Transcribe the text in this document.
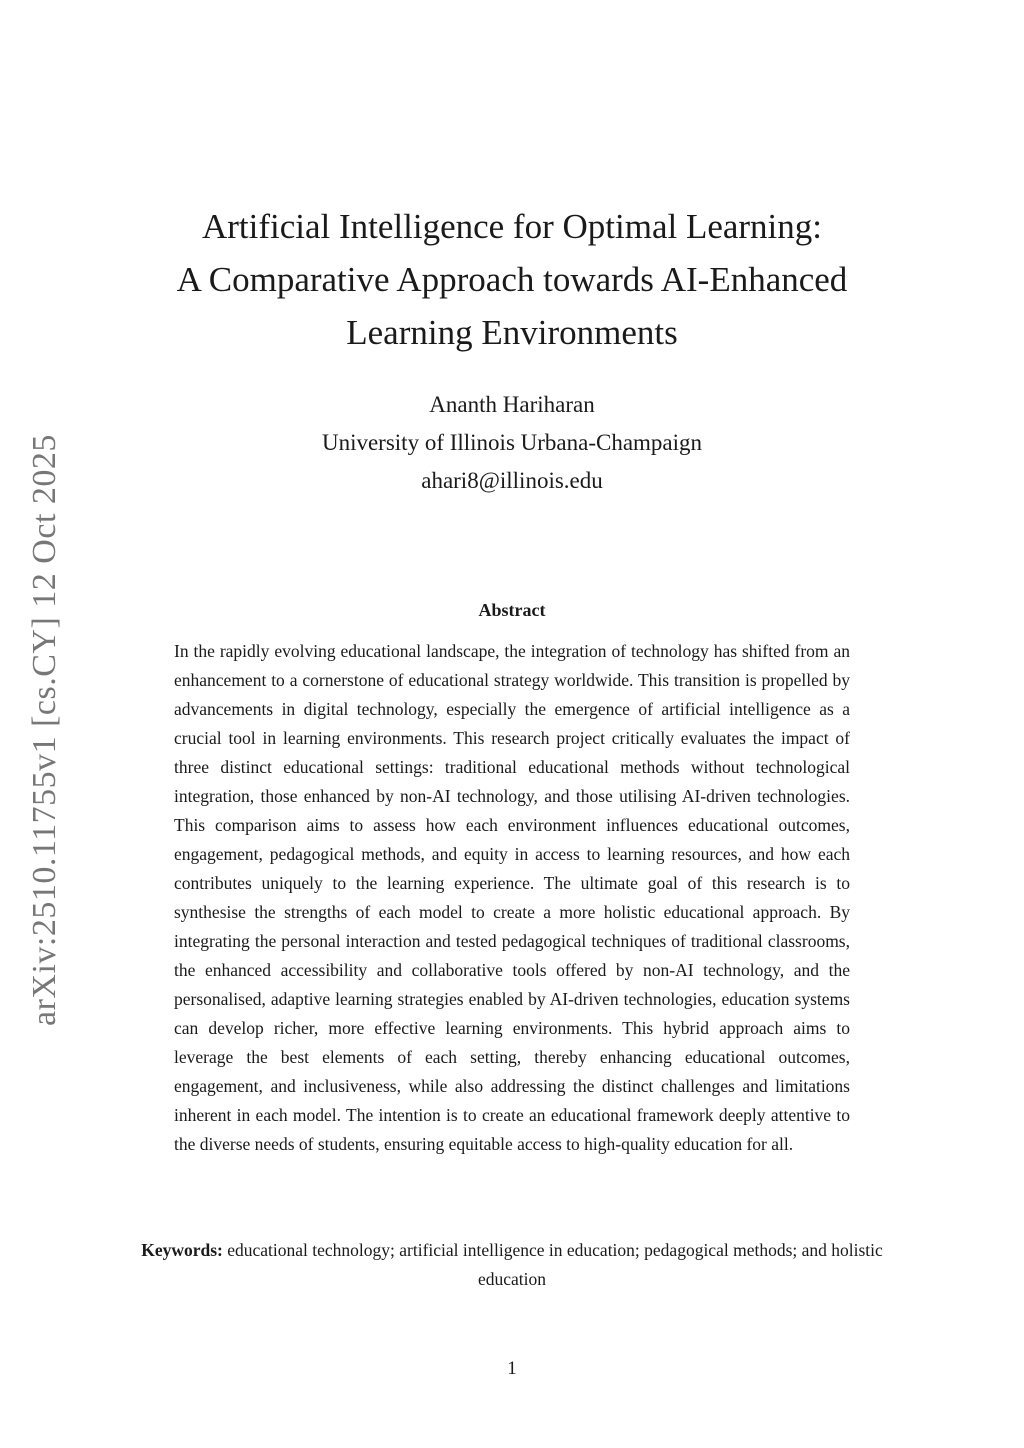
arXiv:2510.11755v1 [cs.CY] 12 Oct 2025
Artificial Intelligence for Optimal Learning:
A Comparative Approach towards AI-Enhanced
Learning Environments
Ananth Hariharan
University of Illinois Urbana-Champaign
ahari8@illinois.edu
Abstract

In the rapidly evolving educational landscape, the integration of technology has shifted from an enhancement to a cornerstone of educational strategy worldwide. This transition is propelled by advancements in digital technology, especially the emergence of artificial intelligence as a crucial tool in learning environments. This research project critically evaluates the impact of three distinct educational settings: traditional educational methods without technological integration, those enhanced by non-AI technology, and those utilising AI-driven technologies. This comparison aims to assess how each environment influences educational outcomes, engagement, pedagogical methods, and equity in access to learning resources, and how each contributes uniquely to the learning experience. The ultimate goal of this research is to synthesise the strengths of each model to create a more holistic educational approach. By integrating the personal interaction and tested pedagogical techniques of traditional classrooms, the enhanced accessibility and collaborative tools offered by non-AI technology, and the personalised, adaptive learning strategies enabled by AI-driven technologies, education systems can develop richer, more effective learning environments. This hybrid approach aims to leverage the best elements of each setting, thereby enhancing educational outcomes, engagement, and inclusiveness, while also addressing the distinct challenges and limitations inherent in each model. The intention is to create an educational framework deeply attentive to the diverse needs of students, ensuring equitable access to high-quality education for all.

Keywords: educational technology; artificial intelligence in education; pedagogical methods; and holistic education
1
